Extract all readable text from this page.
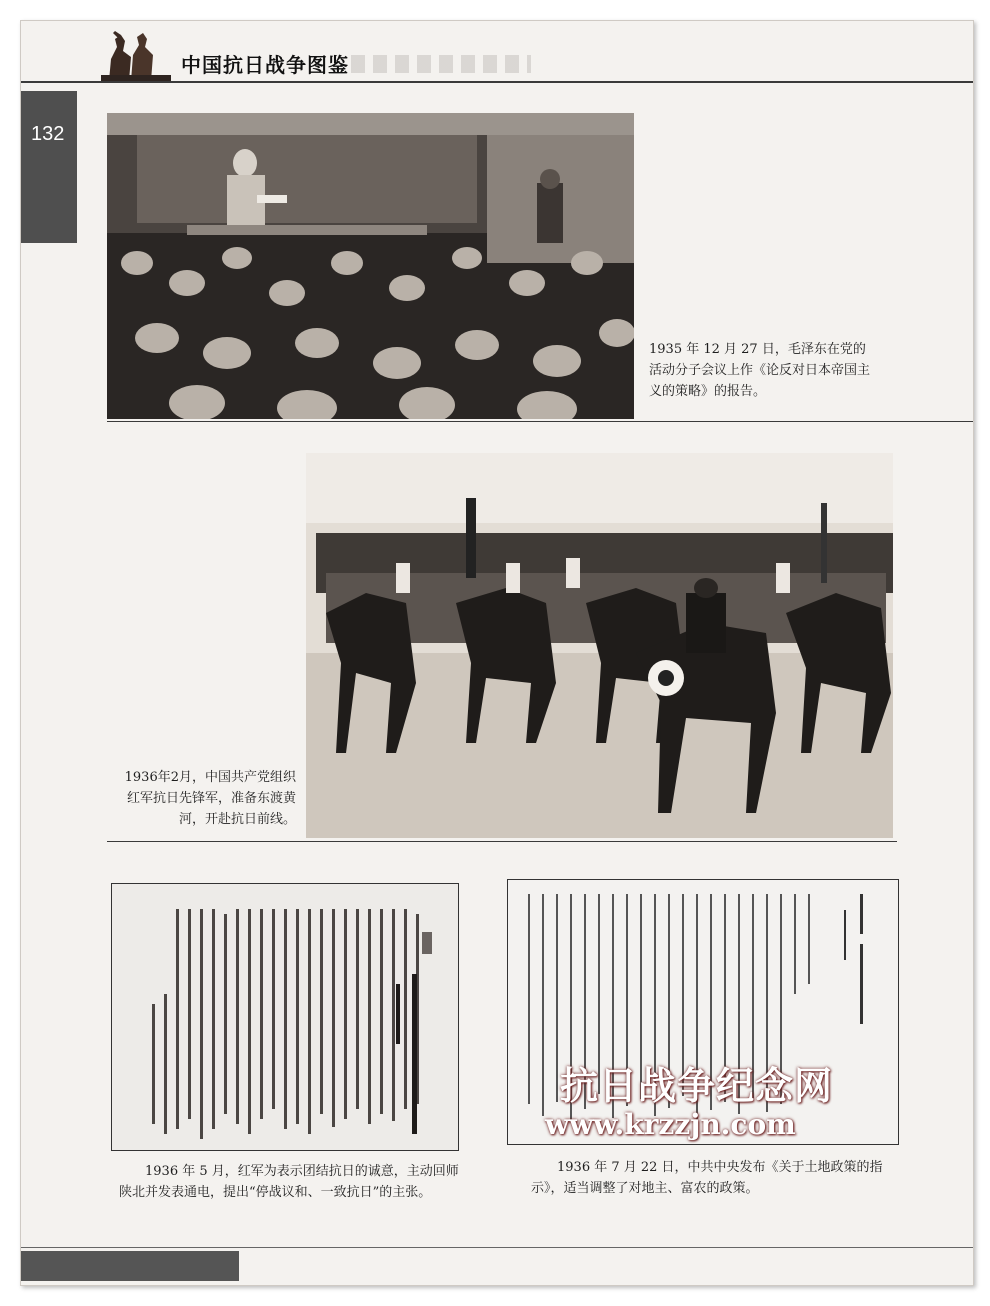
中国抗日战争图鉴
132
1935 年 12 月 27 日，毛泽东在党的活动分子会议上作《论反对日本帝国主义的策略》的报告。
1936年2月，中国共产党组织红军抗日先锋军，准备东渡黄河，开赴抗日前线。
1936 年 5 月，红军为表示团结抗日的诚意，主动回师陕北并发表通电，提出“停战议和、一致抗日”的主张。
1936 年 7 月 22 日，中共中央发布《关于土地政策的指示》，适当调整了对地主、富农的政策。
抗日战争纪念网
www.krzzjn.com
